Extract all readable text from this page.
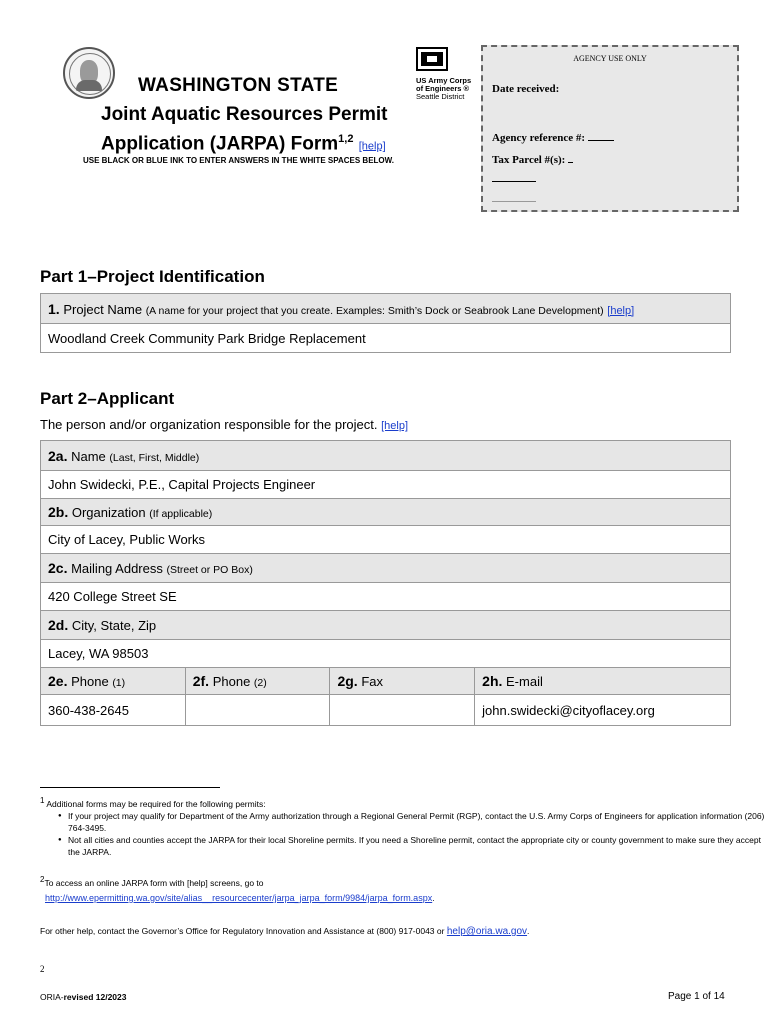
WASHINGTON STATE
Joint Aquatic Resources Permit
Application (JARPA) Form$^{1,2}$ [help]
USE BLACK OR BLUE INK TO ENTER ANSWERS IN THE WHITE SPACES BELOW.
US Army Corps
of Engineers ®
Seattle District
AGENCY USE ONLY
Date received:
Agency reference #:
Tax Parcel #(s):
Part 1–Project Identification
1. Project Name (A name for your project that you create. Examples: Smith’s Dock or Seabrook Lane Development) [help]
Woodland Creek Community Park Bridge Replacement
Part 2–Applicant
The person and/or organization responsible for the project. [help]
2a. Name (Last, First, Middle)			
John Swidecki, P.E., Capital Projects Engineer			
2b. Organization (If applicable)			
City of Lacey, Public Works			
2c. Mailing Address (Street or PO Box)			
420 College Street SE			
2d. City, State, Zip			
Lacey, WA 98503			
2e. Phone (1)	2f. Phone (2)	2g. Fax	2h. E-mail
360-438-2645			john.swidecki@cityoflacey.org
$^1$ Additional forms may be required for the following permits:
● If your project may qualify for Department of the Army authorization through a Regional General Permit (RGP), contact the U.S. Army Corps of Engineers for application information (206) 764-3495.
● Not all cities and counties accept the JARPA for their local Shoreline permits. If you need a Shoreline permit, contact the appropriate city or county government to make sure they accept the JARPA.
$^2$To access an online JARPA form with [help] screens, go to
http://www.epermitting.wa.gov/site/alias__resourcecenter/jarpa_jarpa_form/9984/jarpa_form.aspx.
For other help, contact the Governor’s Office for Regulatory Innovation and Assistance at (800) 917-0043 or help@oria.wa.gov.
2
ORIA-revised 12/2023	Page 1 of 14
